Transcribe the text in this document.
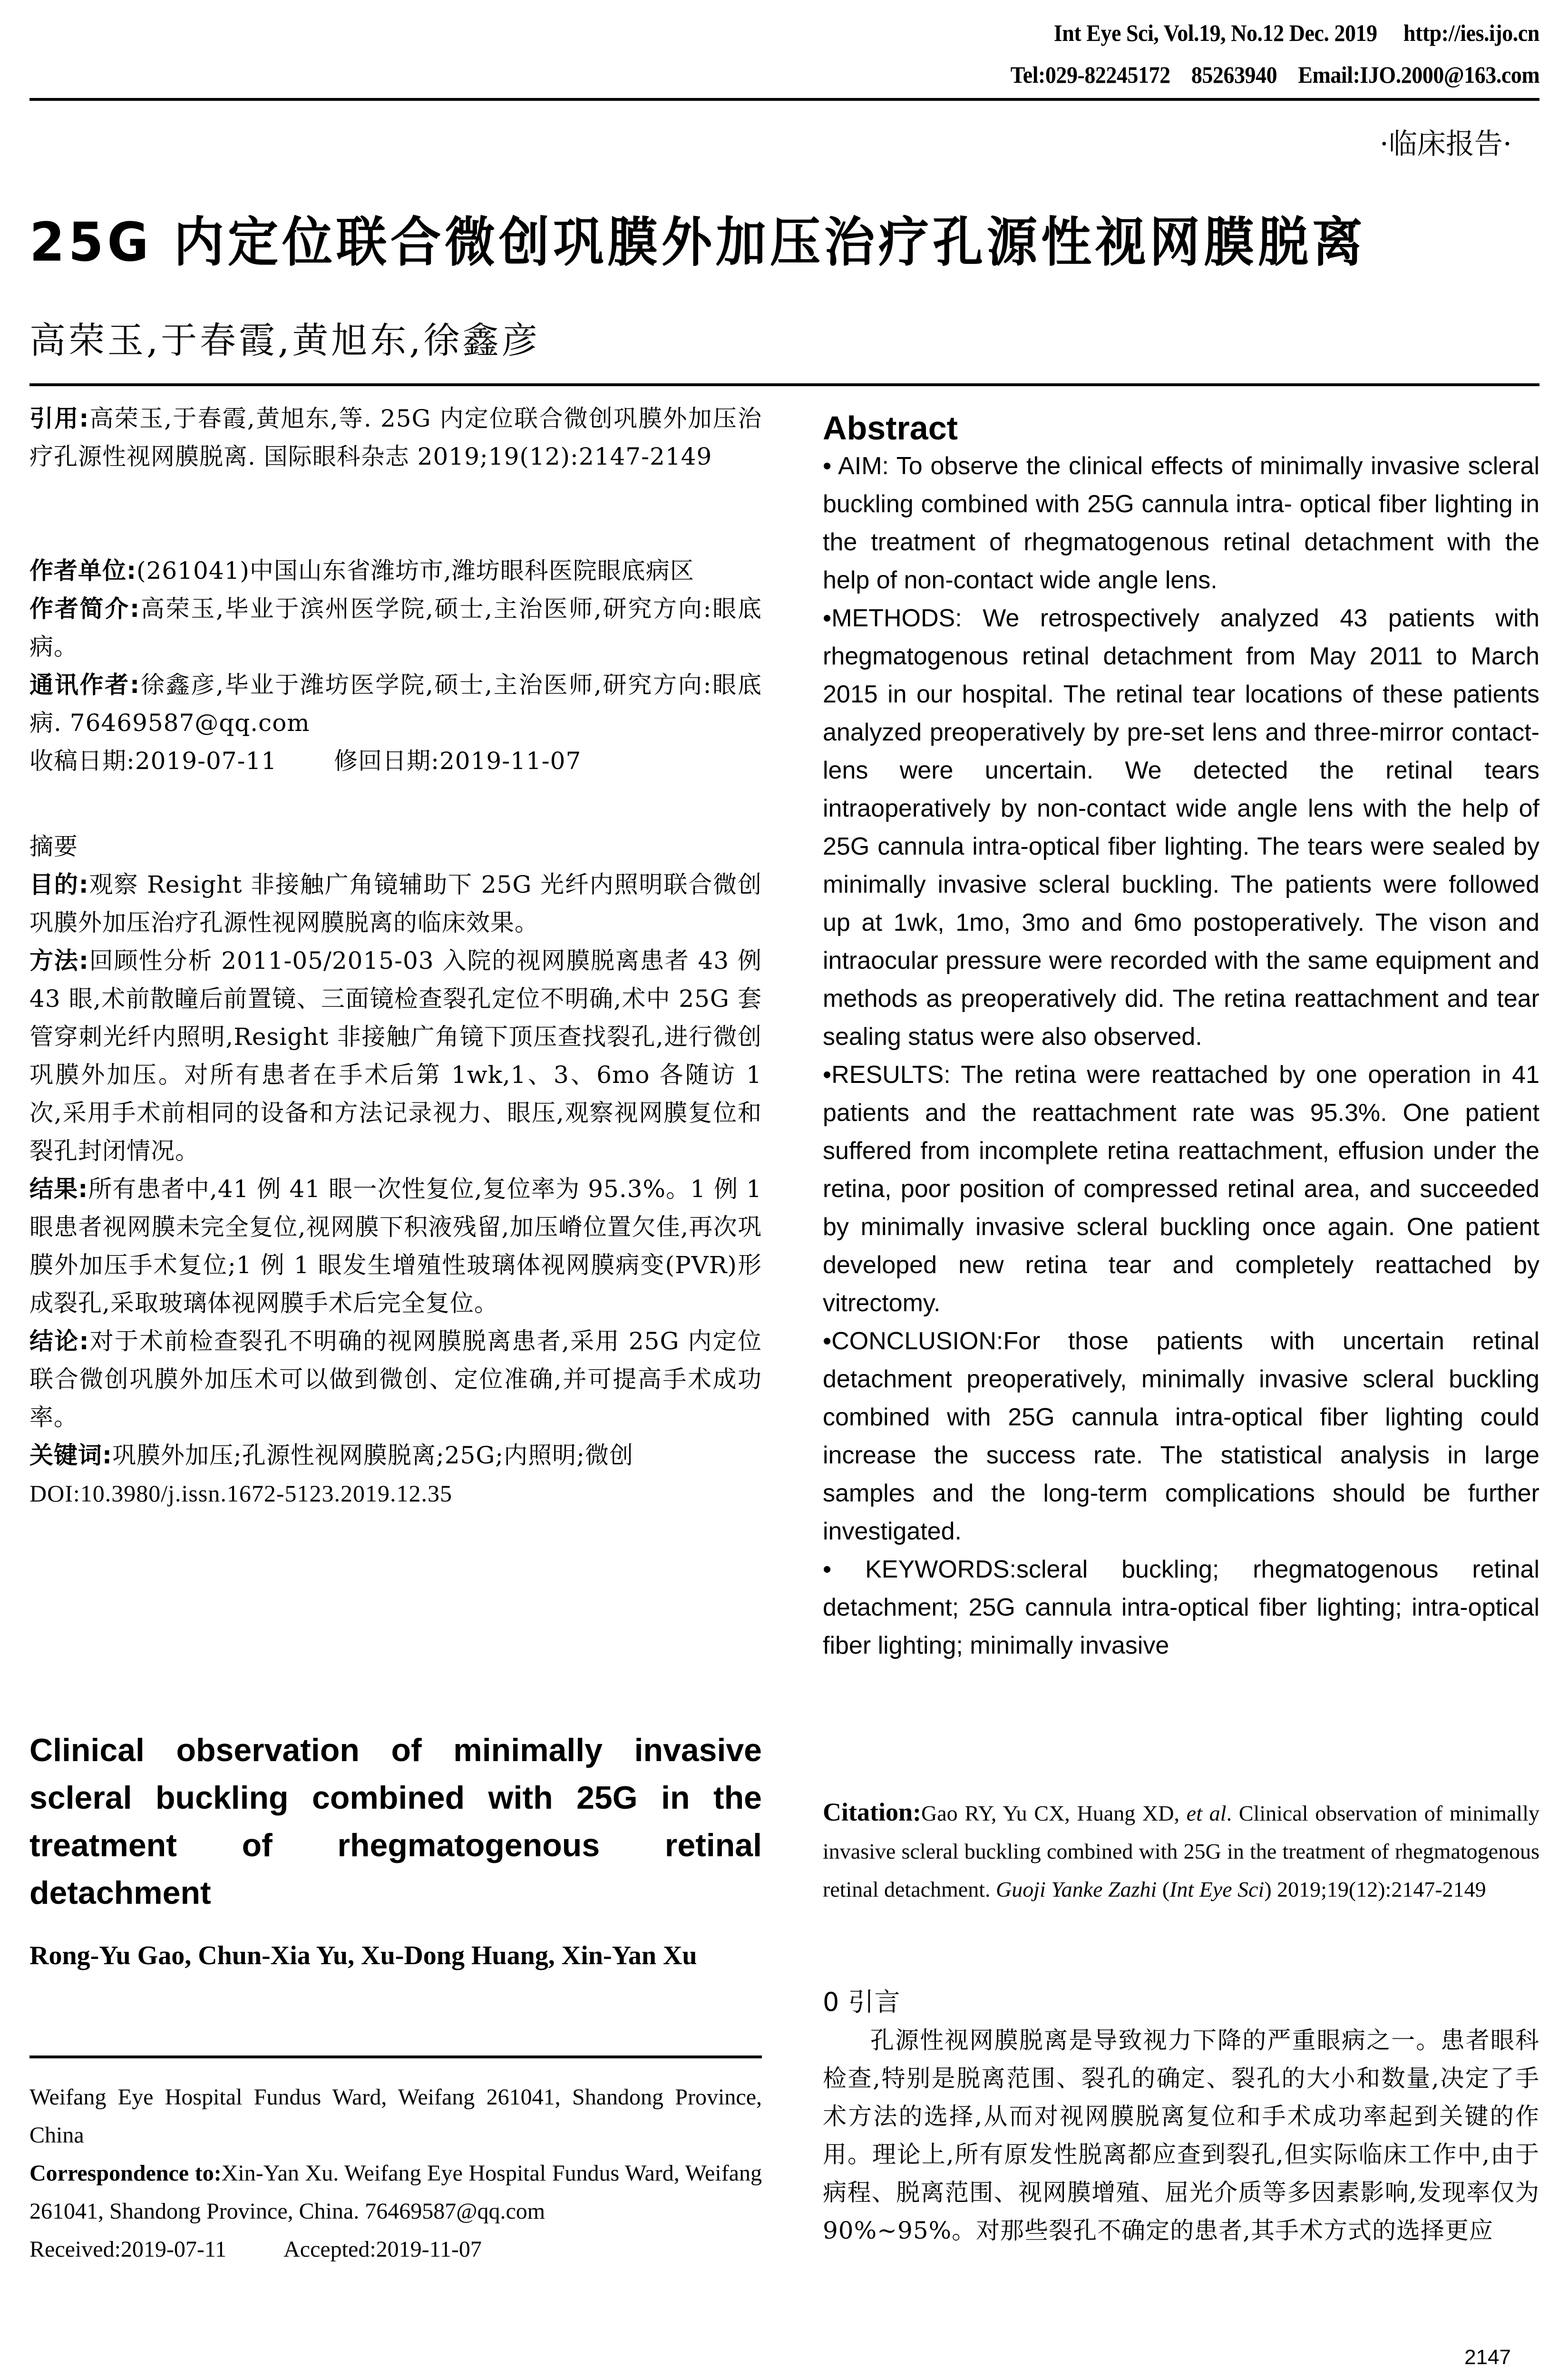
Int Eye Sci, Vol.19, No.12 Dec. 2019     http://ies.ijo.cn
Tel:029-82245172    85263940    Email:IJO.2000@163.com
·临床报告·
25G 内定位联合微创巩膜外加压治疗孔源性视网膜脱离
高荣玉,于春霞,黄旭东,徐鑫彦

引用:高荣玉,于春霞,黄旭东,等. 25G 内定位联合微创巩膜外加压治疗孔源性视网膜脱离. 国际眼科杂志 2019;19(12):2147-2149

作者单位:(261041)中国山东省潍坊市,潍坊眼科医院眼底病区

作者简介:高荣玉,毕业于滨州医学院,硕士,主治医师,研究方向:眼底病。

通讯作者:徐鑫彦,毕业于潍坊医学院,硕士,主治医师,研究方向:眼底病. 76469587@qq.com

收稿日期:2019-07-11 修回日期:2019-11-07

摘要

目的:观察 Resight 非接触广角镜辅助下 25G 光纤内照明联合微创巩膜外加压治疗孔源性视网膜脱离的临床效果。

方法:回顾性分析 2011-05/2015-03 入院的视网膜脱离患者 43 例 43 眼,术前散瞳后前置镜、三面镜检查裂孔定位不明确,术中 25G 套管穿刺光纤内照明,Resight 非接触广角镜下顶压查找裂孔,进行微创巩膜外加压。对所有患者在手术后第 1wk,1、3、6mo 各随访 1 次,采用手术前相同的设备和方法记录视力、眼压,观察视网膜复位和裂孔封闭情况。

结果:所有患者中,41 例 41 眼一次性复位,复位率为 95.3%。1 例 1 眼患者视网膜未完全复位,视网膜下积液残留,加压嵴位置欠佳,再次巩膜外加压手术复位;1 例 1 眼发生增殖性玻璃体视网膜病变(PVR)形成裂孔,采取玻璃体视网膜手术后完全复位。

结论:对于术前检查裂孔不明确的视网膜脱离患者,采用 25G 内定位联合微创巩膜外加压术可以做到微创、定位准确,并可提高手术成功率。

关键词:巩膜外加压;孔源性视网膜脱离;25G;内照明;微创

DOI:10.3980/j.issn.1672-5123.2019.12.35

Clinical observation of minimally invasive scleral buckling combined with 25G in the treatment of rhegmatogenous retinal detachment
Rong-Yu Gao, Chun-Xia Yu, Xu-Dong Huang, Xin-Yan Xu

Weifang Eye Hospital Fundus Ward, Weifang 261041, Shandong Province, China

Correspondence to:Xin-Yan Xu. Weifang Eye Hospital Fundus Ward, Weifang 261041, Shandong Province, China. 76469587@qq.com

Received:2019-07-11	Accepted:2019-11-07

Abstract

• AIM: To observe the clinical effects of minimally invasive scleral buckling combined with 25G cannula intra- optical fiber lighting in the treatment of rhegmatogenous retinal detachment with the help of non-contact wide angle lens.

•METHODS: We retrospectively analyzed 43 patients with rhegmatogenous retinal detachment from May 2011 to March 2015 in our hospital. The retinal tear locations of these patients analyzed preoperatively by pre-set lens and three-mirror contact-lens were uncertain. We detected the retinal tears intraoperatively by non-contact wide angle lens with the help of 25G cannula intra-optical fiber lighting. The tears were sealed by minimally invasive scleral buckling. The patients were followed up at 1wk, 1mo, 3mo and 6mo postoperatively. The vison and intraocular pressure were recorded with the same equipment and methods as preoperatively did. The retina reattachment and tear sealing status were also observed.

•RESULTS: The retina were reattached by one operation in 41 patients and the reattachment rate was 95.3%. One patient suffered from incomplete retina reattachment, effusion under the retina, poor position of compressed retinal area, and succeeded by minimally invasive scleral buckling once again. One patient developed new retina tear and completely reattached by vitrectomy.

•CONCLUSION:For those patients with uncertain retinal detachment preoperatively, minimally invasive scleral buckling combined with 25G cannula intra-optical fiber lighting could increase the success rate. The statistical analysis in large samples and the long-term complications should be further investigated.

• KEYWORDS:scleral buckling; rhegmatogenous retinal detachment; 25G cannula intra-optical fiber lighting; intra-optical fiber lighting; minimally invasive

Citation:Gao RY, Yu CX, Huang XD, et al. Clinical observation of minimally invasive scleral buckling combined with 25G in the treatment of rhegmatogenous retinal detachment. Guoji Yanke Zazhi (Int Eye Sci) 2019;19(12):2147-2149

0 引言

孔源性视网膜脱离是导致视力下降的严重眼病之一。患者眼科检查,特别是脱离范围、裂孔的确定、裂孔的大小和数量,决定了手术方法的选择,从而对视网膜脱离复位和手术成功率起到关键的作用。理论上,所有原发性脱离都应查到裂孔,但实际临床工作中,由于病程、脱离范围、视网膜增殖、屈光介质等多因素影响,发现率仅为 90%~95%。对那些裂孔不确定的患者,其手术方式的选择更应

2147
